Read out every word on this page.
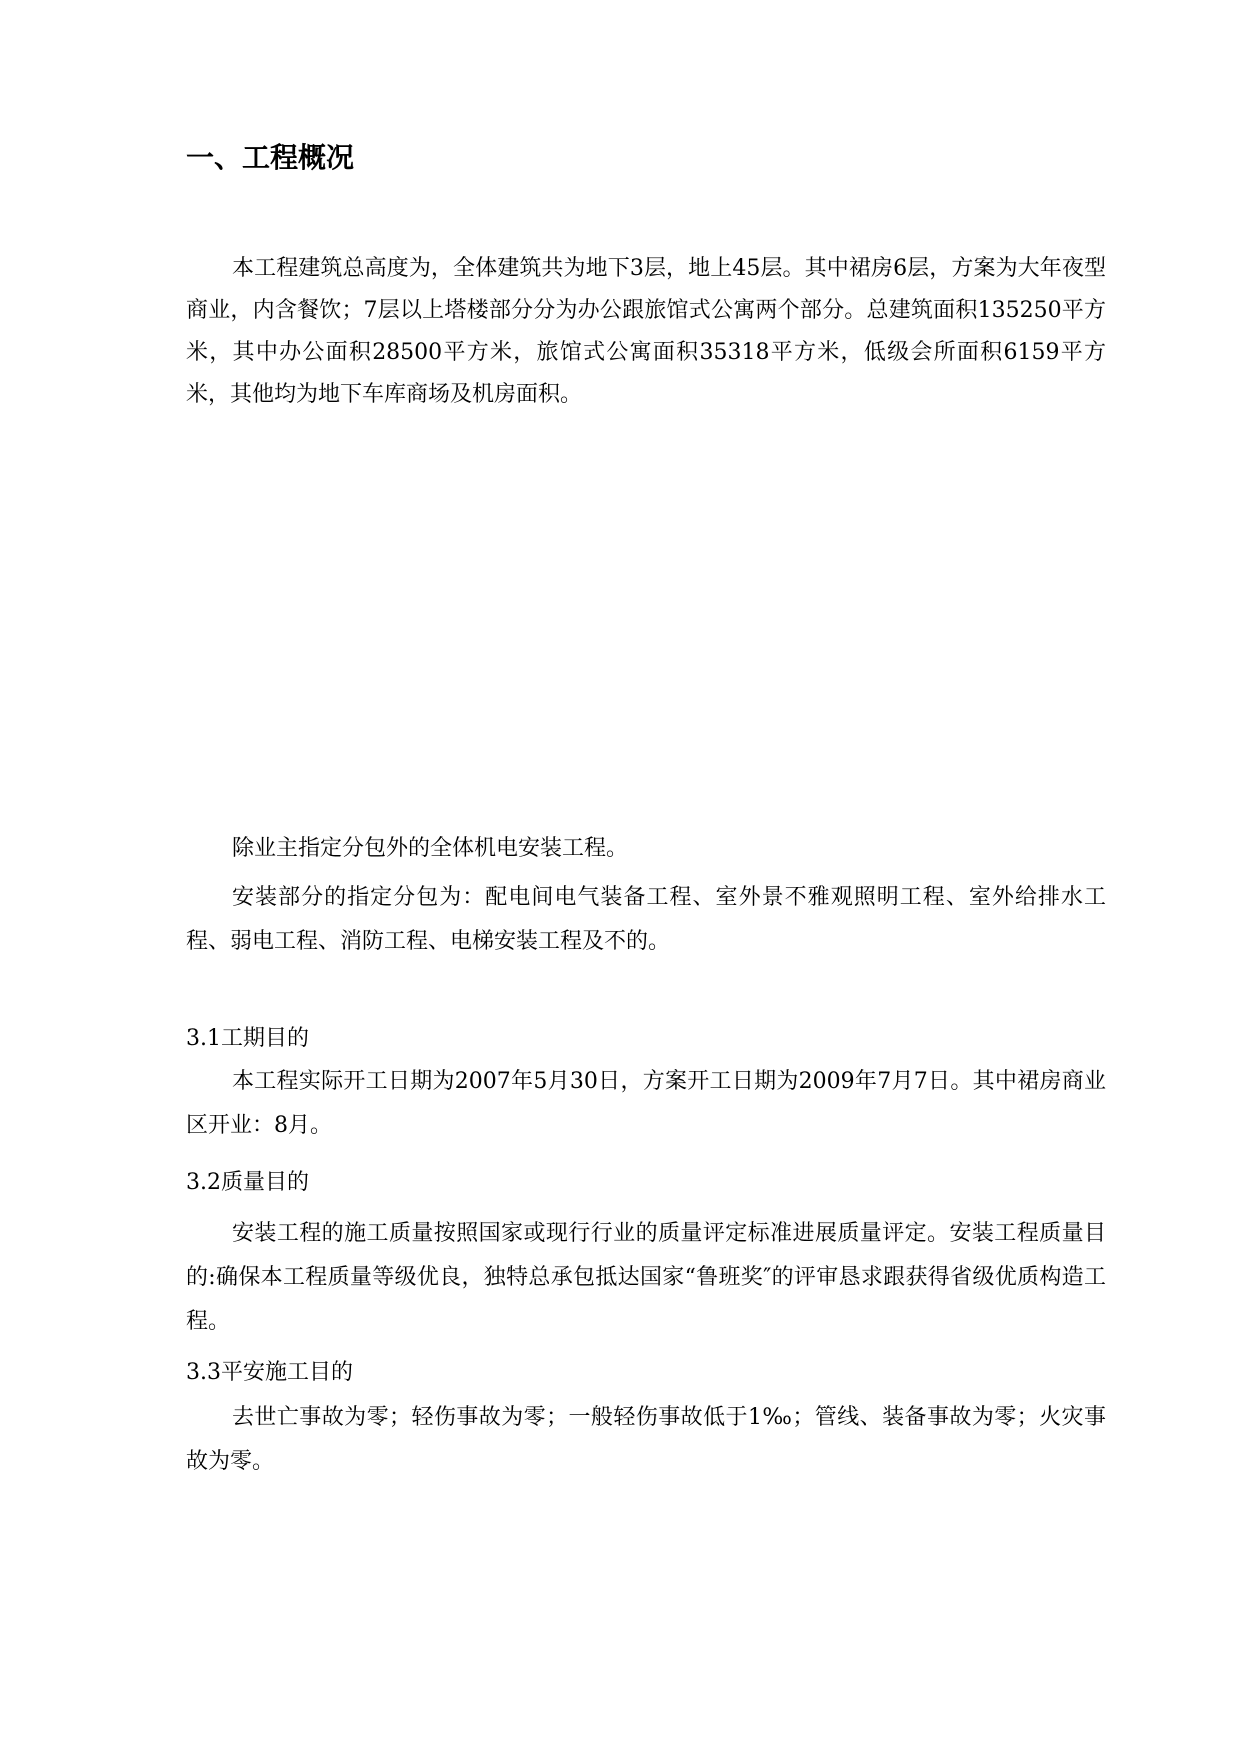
一、工程概况

本工程建筑总高度为，全体建筑共为地下3层，地上45层。其中裙房6层，方案为大年夜型商业，内含餐饮；7层以上塔楼部分分为办公跟旅馆式公寓两个部分。总建筑面积135250平方米，其中办公面积28500平方米，旅馆式公寓面积35318平方米，低级会所面积6159平方米，其他均为地下车库商场及机房面积。

除业主指定分包外的全体机电安装工程。

安装部分的指定分包为：配电间电气装备工程、室外景不雅观照明工程、室外给排水工程、弱电工程、消防工程、电梯安装工程及不的。

3.1工期目的

本工程实际开工日期为2007年5月30日，方案开工日期为2009年7月7日。其中裙房商业区开业：8月。

3.2质量目的

安装工程的施工质量按照国家或现行行业的质量评定标准进展质量评定。安装工程质量目的:确保本工程质量等级优良，独特总承包抵达国家“鲁班奖″的评审恳求跟获得省级优质构造工程。

3.3平安施工目的

去世亡事故为零；轻伤事故为零；一般轻伤事故低于1‰；管线、装备事故为零；火灾事故为零。
